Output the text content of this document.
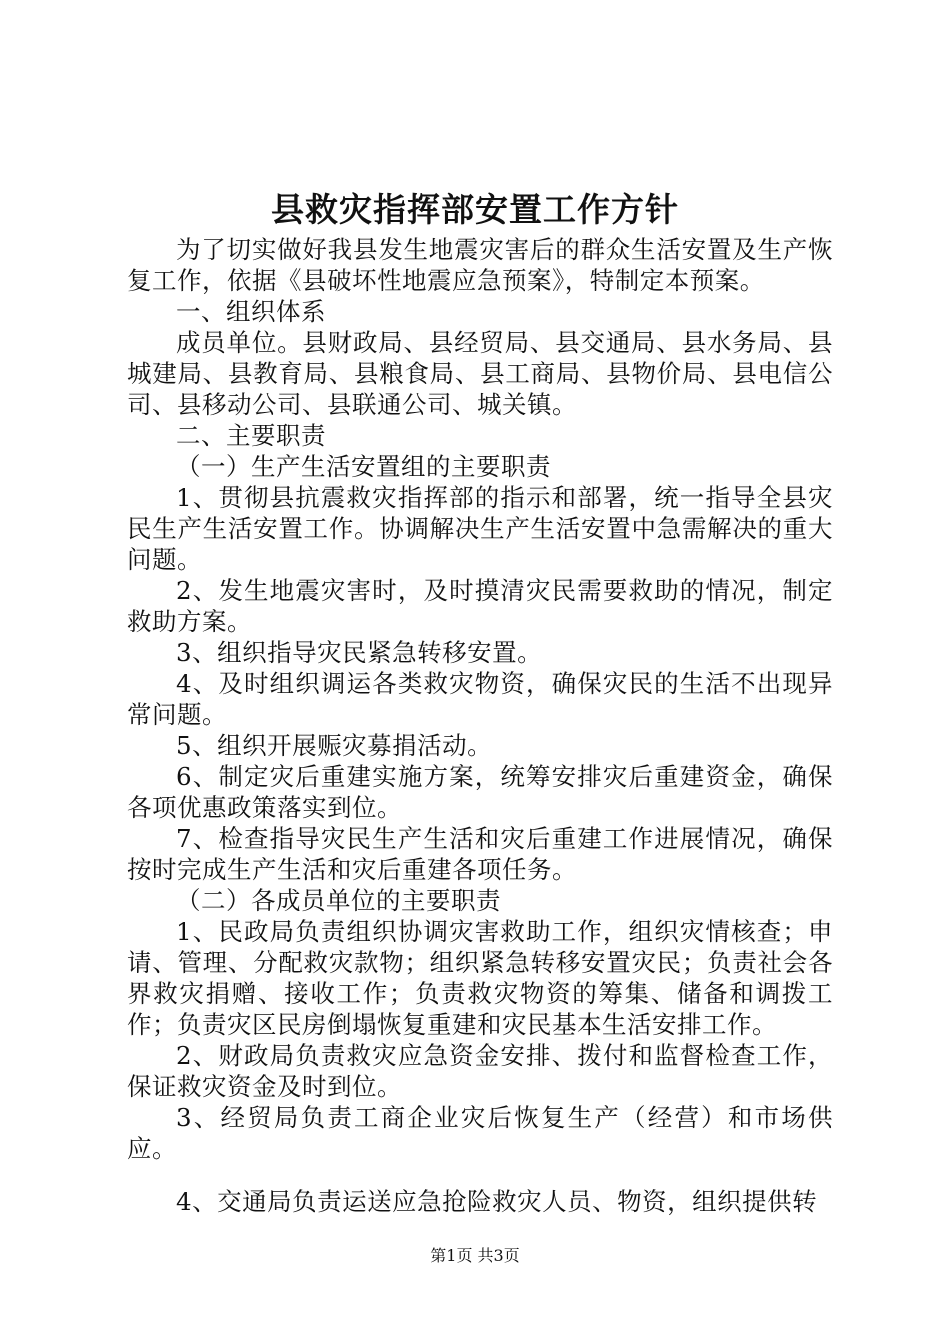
县救灾指挥部安置工作方针

为了切实做好我县发生地震灾害后的群众生活安置及生产恢复工作，依据《县破坏性地震应急预案》，特制定本预案。

一、组织体系

成员单位。县财政局、县经贸局、县交通局、县水务局、县城建局、县教育局、县粮食局、县工商局、县物价局、县电信公司、县移动公司、县联通公司、城关镇。

二、主要职责

（一）生产生活安置组的主要职责

1、贯彻县抗震救灾指挥部的指示和部署，统一指导全县灾民生产生活安置工作。协调解决生产生活安置中急需解决的重大问题。

2、发生地震灾害时，及时摸清灾民需要救助的情况，制定救助方案。

3、组织指导灾民紧急转移安置。

4、及时组织调运各类救灾物资，确保灾民的生活不出现异常问题。

5、组织开展赈灾募捐活动。

6、制定灾后重建实施方案，统筹安排灾后重建资金，确保各项优惠政策落实到位。

7、检查指导灾民生产生活和灾后重建工作进展情况，确保按时完成生产生活和灾后重建各项任务。

（二）各成员单位的主要职责

1、民政局负责组织协调灾害救助工作，组织灾情核查；申请、管理、分配救灾款物；组织紧急转移安置灾民；负责社会各界救灾捐赠、接收工作；负责救灾物资的筹集、储备和调拨工作；负责灾区民房倒塌恢复重建和灾民基本生活安排工作。

2、财政局负责救灾应急资金安排、拨付和监督检查工作，保证救灾资金及时到位。

3、经贸局负责工商企业灾后恢复生产（经营）和市场供应。

4、交通局负责运送应急抢险救灾人员、物资，组织提供转

第1页 共3页
